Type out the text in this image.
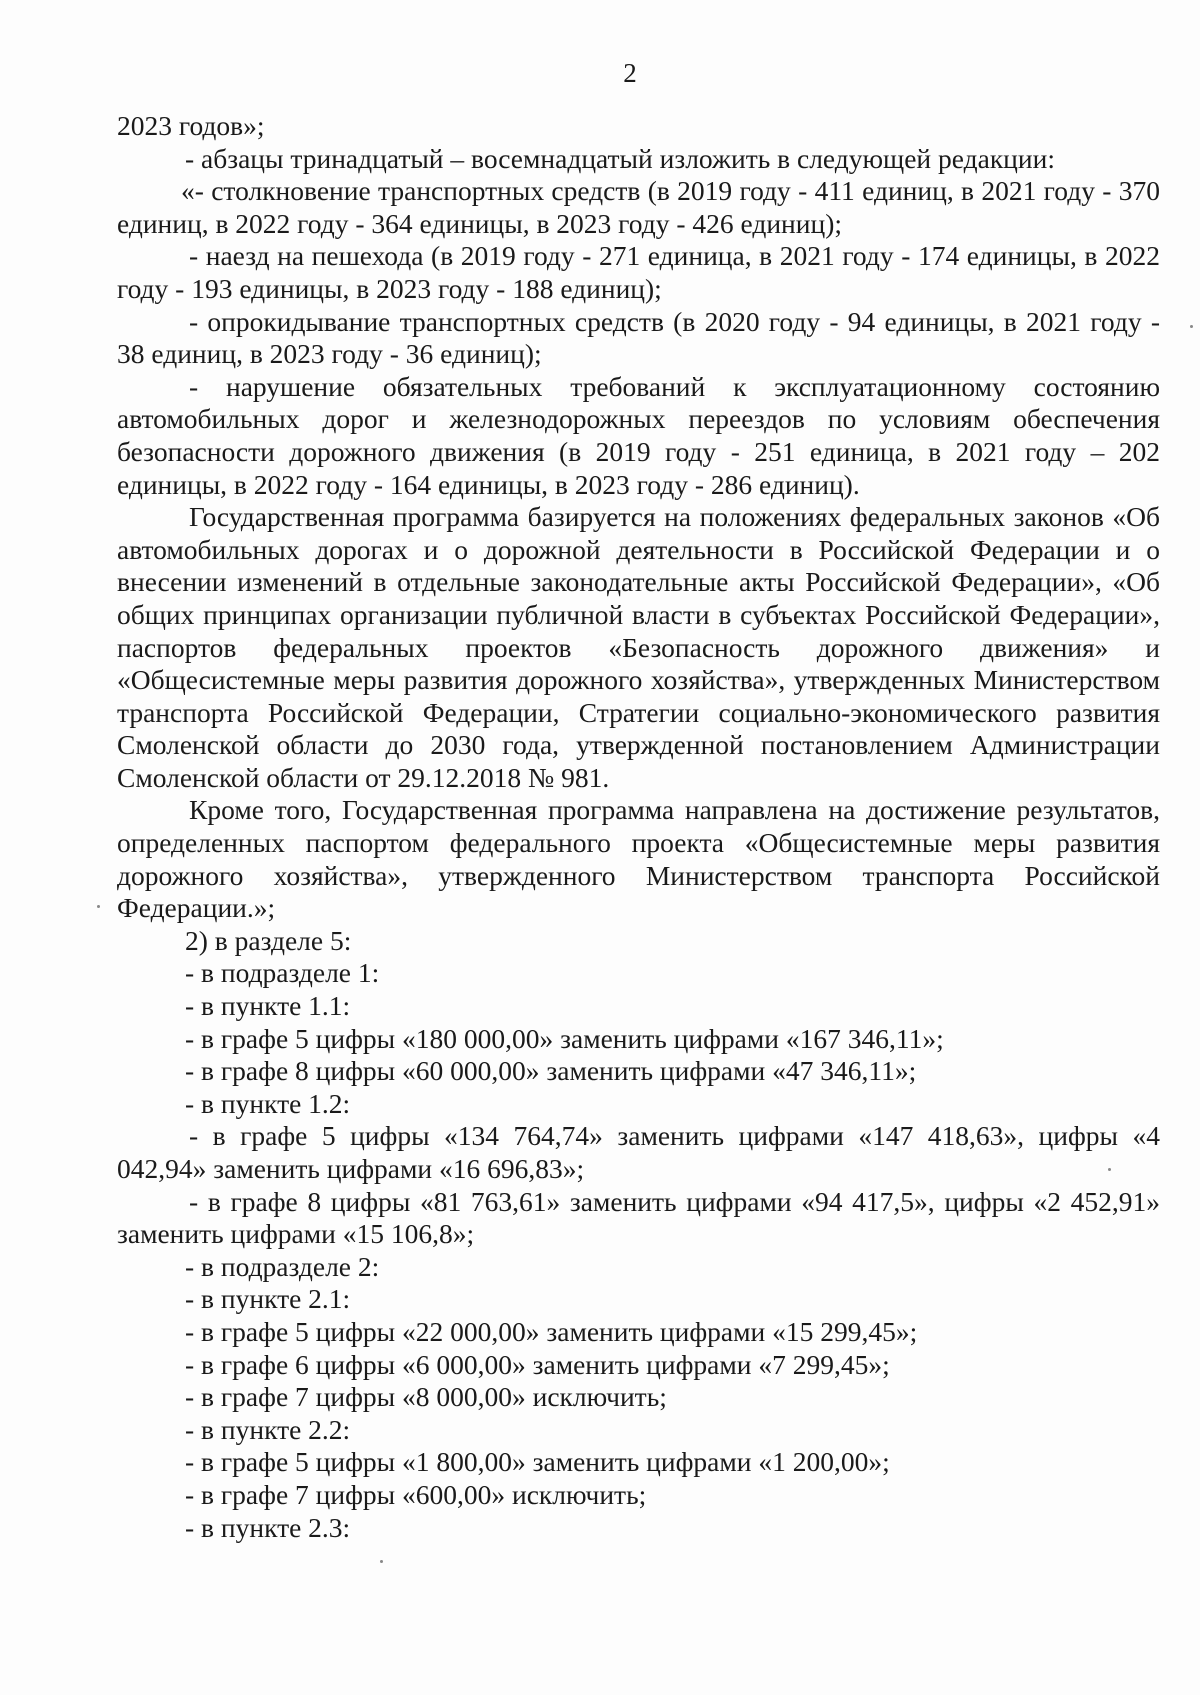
2

2023 годов»;

- абзацы тринадцатый – восемнадцатый изложить в следующей редакции:

«- столкновение транспортных средств (в 2019 году - 411 единиц, в 2021 году - 370 единиц, в 2022 году - 364 единицы, в 2023 году - 426 единиц);

- наезд на пешехода (в 2019 году - 271 единица, в 2021 году - 174 единицы, в 2022 году - 193 единицы, в 2023 году - 188 единиц);

- опрокидывание транспортных средств (в 2020 году - 94 единицы, в 2021 году - 38 единиц, в 2023 году - 36 единиц);

- нарушение обязательных требований к эксплуатационному состоянию автомобильных дорог и железнодорожных переездов по условиям обеспечения безопасности дорожного движения (в 2019 году - 251 единица, в 2021 году – 202 единицы, в 2022 году - 164 единицы, в 2023 году - 286 единиц).

Государственная программа базируется на положениях федеральных законов «Об автомобильных дорогах и о дорожной деятельности в Российской Федерации и о внесении изменений в отдельные законодательные акты Российской Федерации», «Об общих принципах организации публичной власти в субъектах Российской Федерации», паспортов федеральных проектов «Безопасность дорожного движения» и «Общесистемные меры развития дорожного хозяйства», утвержденных Министерством транспорта Российской Федерации, Стратегии социально-экономического развития Смоленской области до 2030 года, утвержденной постановлением Администрации Смоленской области от 29.12.2018 № 981.

Кроме того, Государственная программа направлена на достижение результатов, определенных паспортом федерального проекта «Общесистемные меры развития дорожного хозяйства», утвержденного Министерством транспорта Российской Федерации.»;

2) в разделе 5:

- в подразделе 1:

- в пункте 1.1:

- в графе 5 цифры «180 000,00» заменить цифрами «167 346,11»;

- в графе 8 цифры «60 000,00» заменить цифрами «47 346,11»;

- в пункте 1.2:

- в графе 5 цифры «134 764,74» заменить цифрами «147 418,63», цифры «4 042,94» заменить цифрами «16 696,83»;

- в графе 8 цифры «81 763,61» заменить цифрами «94 417,5», цифры «2 452,91» заменить цифрами «15 106,8»;

- в подразделе 2:

- в пункте 2.1:

- в графе 5 цифры «22 000,00» заменить цифрами «15 299,45»;

- в графе 6 цифры «6 000,00» заменить цифрами «7 299,45»;

- в графе 7 цифры «8 000,00» исключить;

- в пункте 2.2:

- в графе 5 цифры «1 800,00» заменить цифрами «1 200,00»;

- в графе 7 цифры «600,00» исключить;

- в пункте 2.3:
